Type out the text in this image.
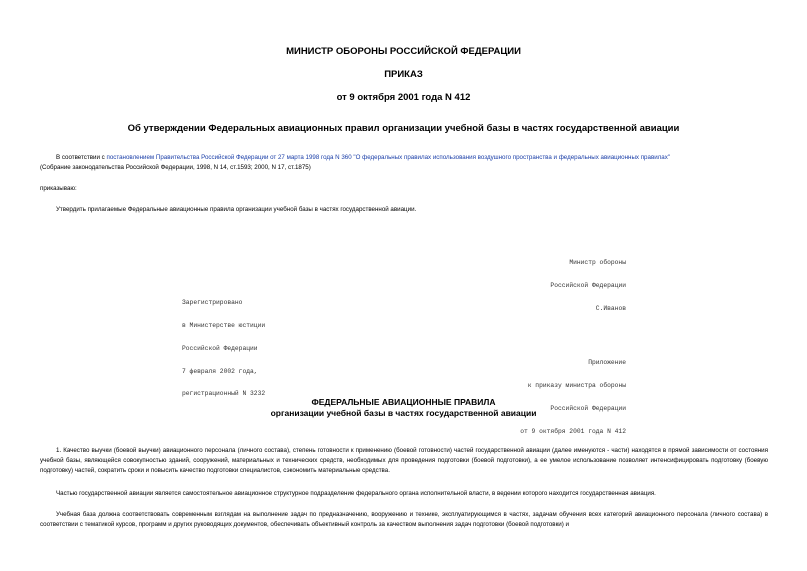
МИНИСТР ОБОРОНЫ РОССИЙСКОЙ ФЕДЕРАЦИИ
ПРИКАЗ
от 9 октября 2001 года N 412
Об утверждении Федеральных авиационных правил организации учебной базы в частях государственной авиации
В соответствии с постановлением Правительства Российской Федерации от 27 марта 1998 года N 360 "О федеральных правилах использования воздушного пространства и федеральных авиационных правилах"
(Собрание законодательства Российской Федерации, 1998, N 14, ст.1593; 2000, N 17, ст.1875)
приказываю:
Утвердить прилагаемые Федеральные авиационные правила организации учебной базы в частях государственной авиации.

Министр обороны

Российской Федерации

С.Иванов

Зарегистрировано

в Министерстве юстиции

Российской Федерации

7 февраля 2002 года,

регистрационный N 3232

Приложение

к приказу министра обороны

Российской Федерации

от 9 октября 2001 года N 412

ФЕДЕРАЛЬНЫЕ АВИАЦИОННЫЕ ПРАВИЛА
организации учебной базы в частях государственной авиации
1. Качество выучки (боевой выучки) авиационного персонала (личного состава), степень готовности к применению (боевой готовности) частей государственной авиации (далее именуются - части) находятся в прямой зависимости от состояния учебной базы, являющейся совокупностью зданий, сооружений, материальных и технических средств, необходимых для проведения подготовки (боевой подготовки), а ее умелое использование позволяет интенсифицировать подготовку (боевую подготовку) частей, сократить сроки и повысить качество подготовки специалистов, сэкономить материальные средства.
Частью государственной авиации является самостоятельное авиационное структурное подразделение федерального органа исполнительной власти, в ведении которого находится государственная авиация.
Учебная база должна соответствовать современным взглядам на выполнение задач по предназначению, вооружению и технике, эксплуатирующимся в частях, задачам обучения всех категорий авиационного персонала (личного состава) в соответствии с тематикой курсов, программ и других руководящих документов, обеспечивать объективный контроль за качеством выполнения задач подготовки (боевой подготовки) и
